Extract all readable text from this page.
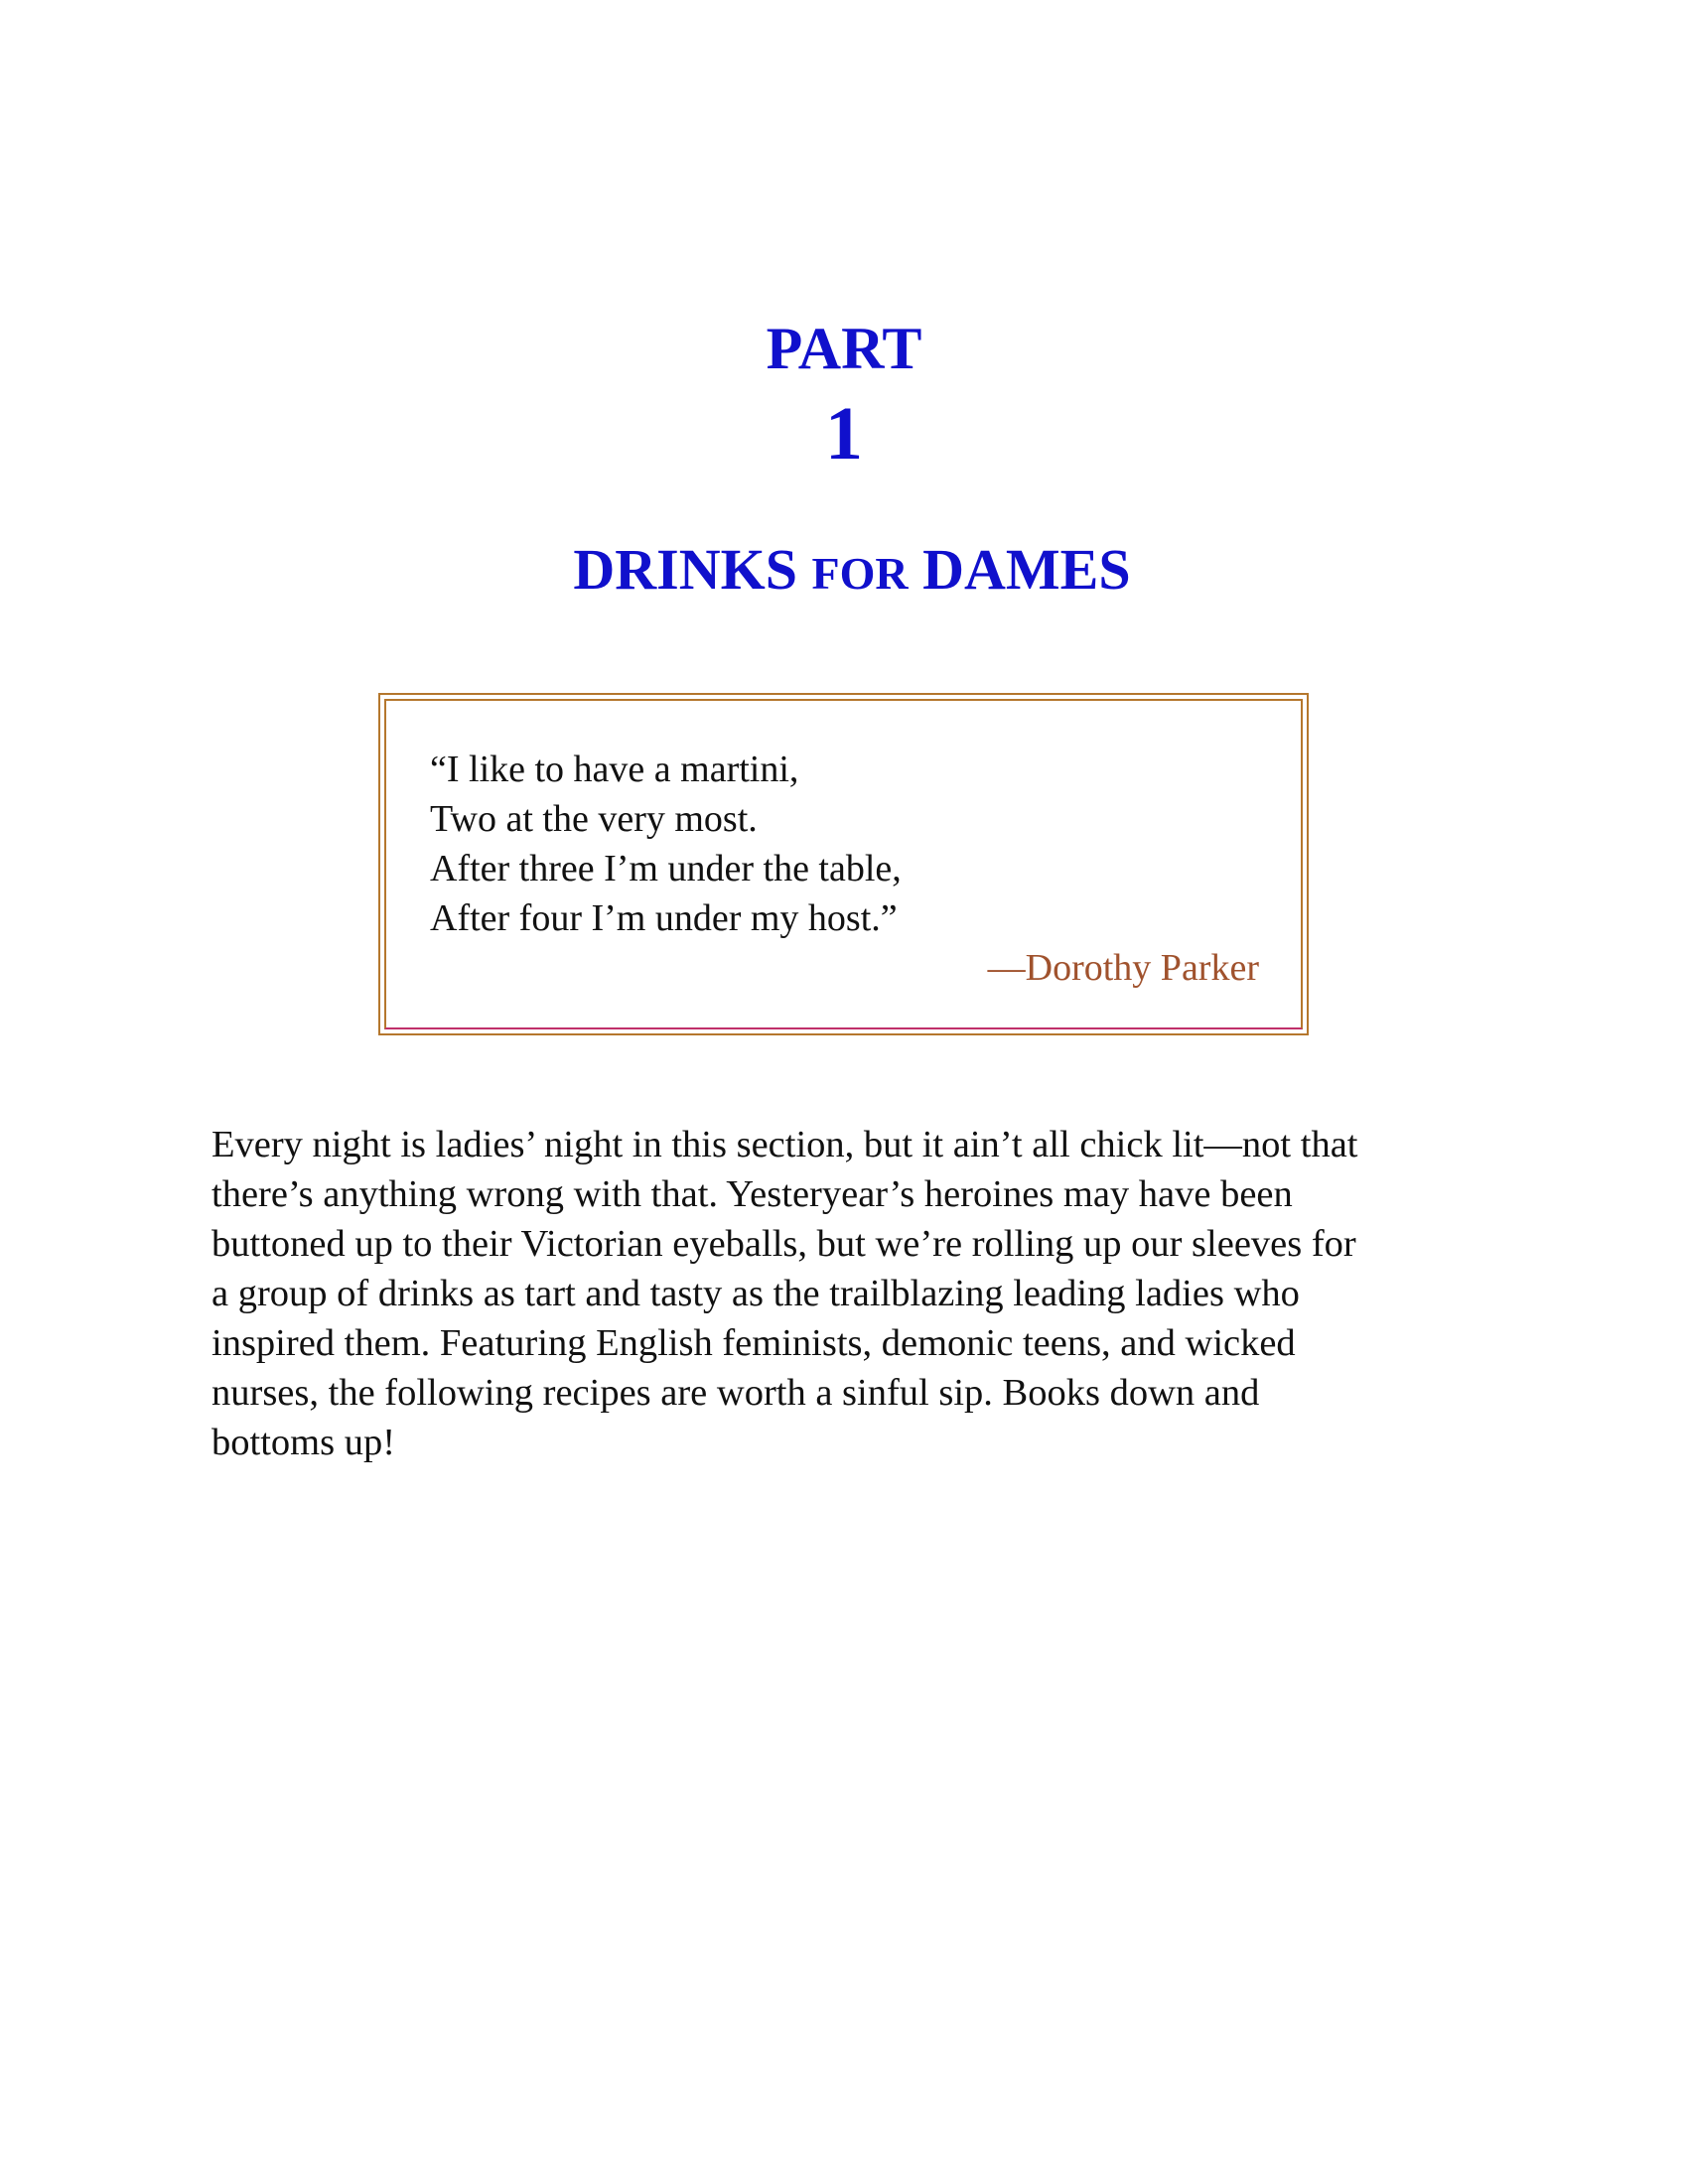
PART
1
DRINKS FOR DAMES
“I like to have a martini,
Two at the very most.
After three I’m under the table,
After four I’m under my host.”
—Dorothy Parker

Every night is ladies’ night in this section, but it ain’t all chick lit—not that
there’s anything wrong with that. Yesteryear’s heroines may have been
buttoned up to their Victorian eyeballs, but we’re rolling up our sleeves for
a group of drinks as tart and tasty as the trailblazing leading ladies who
inspired them. Featuring English feminists, demonic teens, and wicked
nurses, the following recipes are worth a sinful sip. Books down and
bottoms up!
